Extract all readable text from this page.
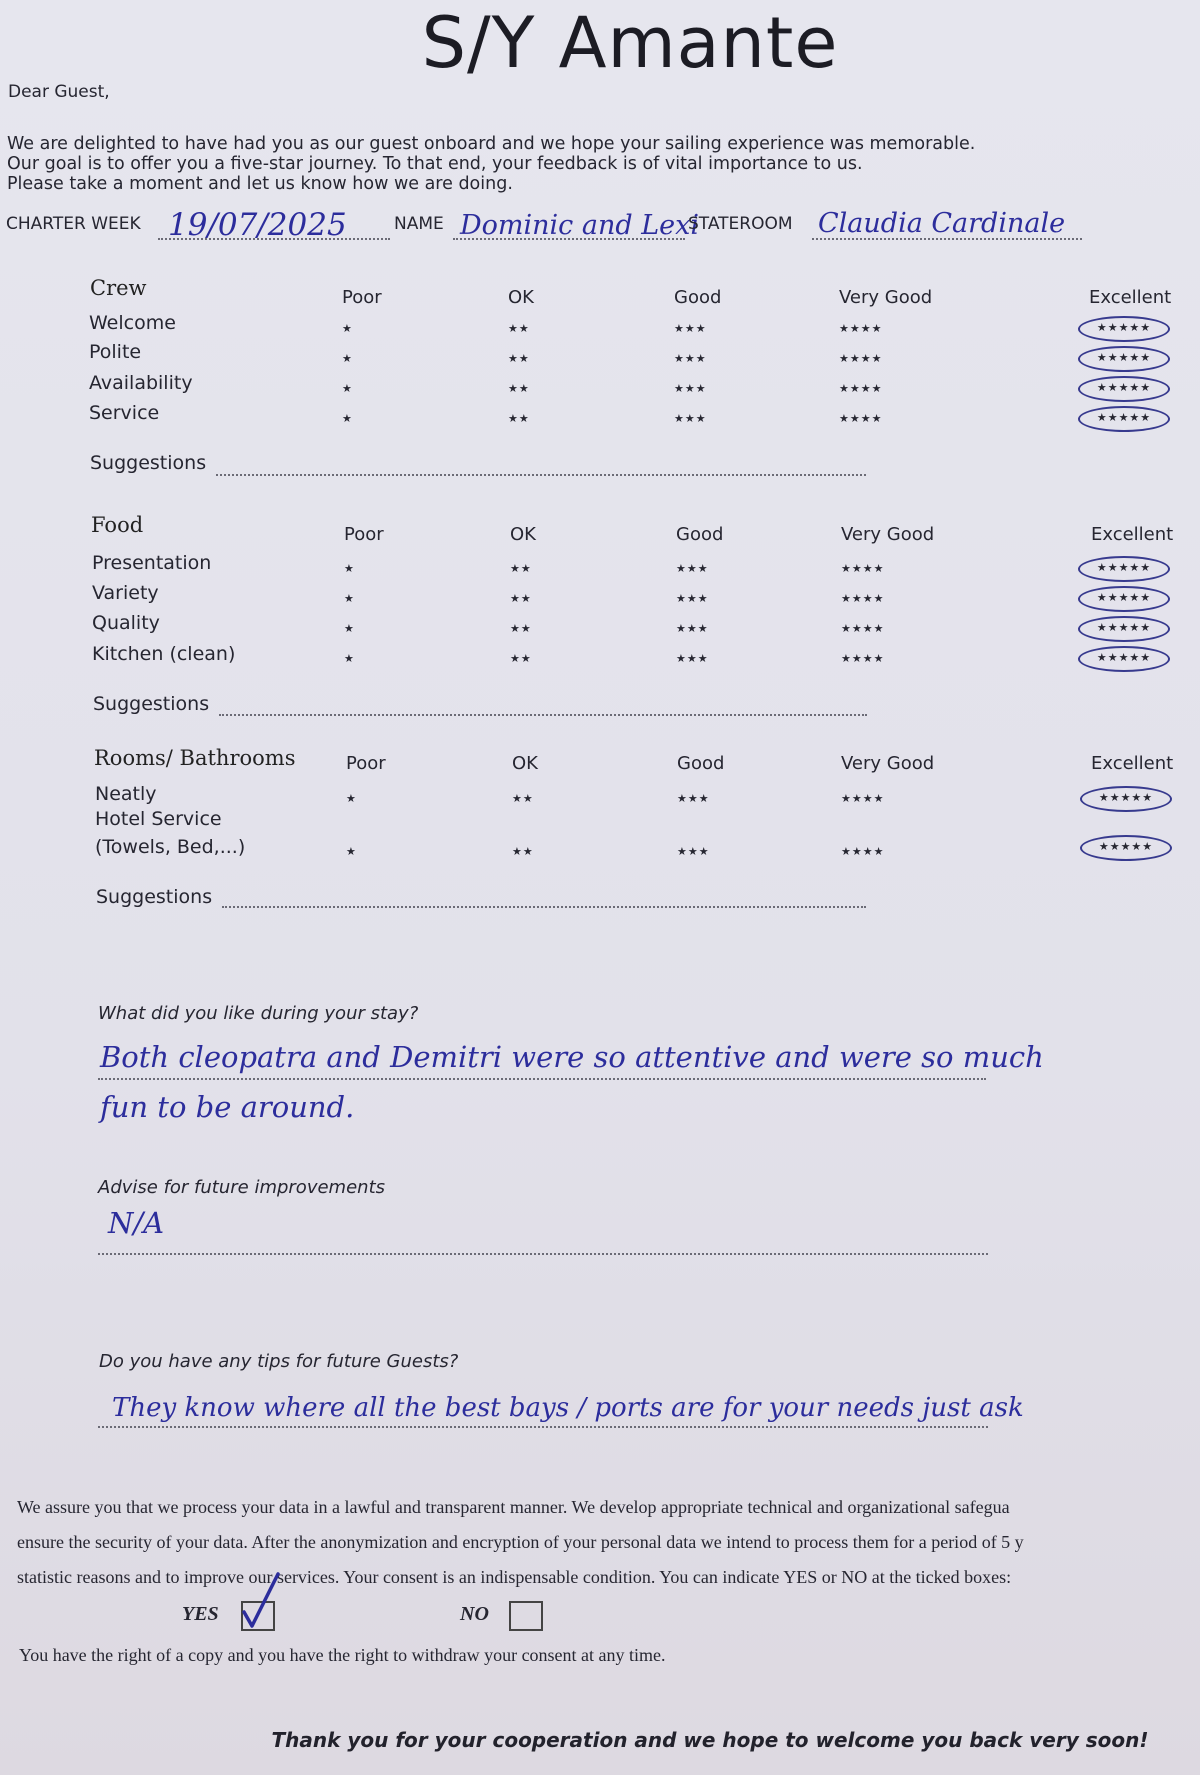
S/Y Amante
Dear Guest,
We are delighted to have had you as our guest onboard and we hope your sailing experience was memorable.
Our goal is to offer you a five-star journey. To that end, your feedback is of vital importance to us.
Please take a moment and let us know how we are doing.
CHARTER WEEK 19/07/2025	NAME Dominic and Lexi
STATEROOM Claudia Cardinale
Crew	Poor	OK	Good	Very Good	Excellent
Welcome	★	★★	★★★	★★★★	★★★★★
Polite	★	★★	★★★	★★★★	★★★★★
Availability	★	★★	★★★	★★★★	★★★★★
Service	★	★★	★★★	★★★★	★★★★★
Suggestions
Food	Poor	OK	Good	Very Good	Excellent
Presentation	★	★★	★★★	★★★★	★★★★★
Variety	★	★★	★★★	★★★★	★★★★★
Quality	★	★★	★★★	★★★★	★★★★★
Kitchen (clean)	★	★★	★★★	★★★★	★★★★★
Suggestions
Rooms/ Bathrooms	Poor	OK	Good	Very Good	Excellent
Neatly	★	★★	★★★	★★★★	★★★★★
Hotel Service
(Towels, Bed,...)	★	★★	★★★	★★★★	★★★★★
Suggestions
What did you like during your stay?
Both cleopatra and Demitri were so attentive and were so much
fun to be around.
Advise for future improvements
N/A
Do you have any tips for future Guests?
They know where all the best bays / ports are for your needs just ask
We assure you that we process your data in a lawful and transparent manner. We develop appropriate technical and organizational safegua
ensure the security of your data. After the anonymization and encryption of your personal data we intend to process them for a period of 5 y
statistic reasons and to improve our services. Your consent is an indispensable condition. You can indicate YES or NO at the ticked boxes:
YES	NO
You have the right of a copy and you have the right to withdraw your consent at any time.
Thank you for your cooperation and we hope to welcome you back very soon!
